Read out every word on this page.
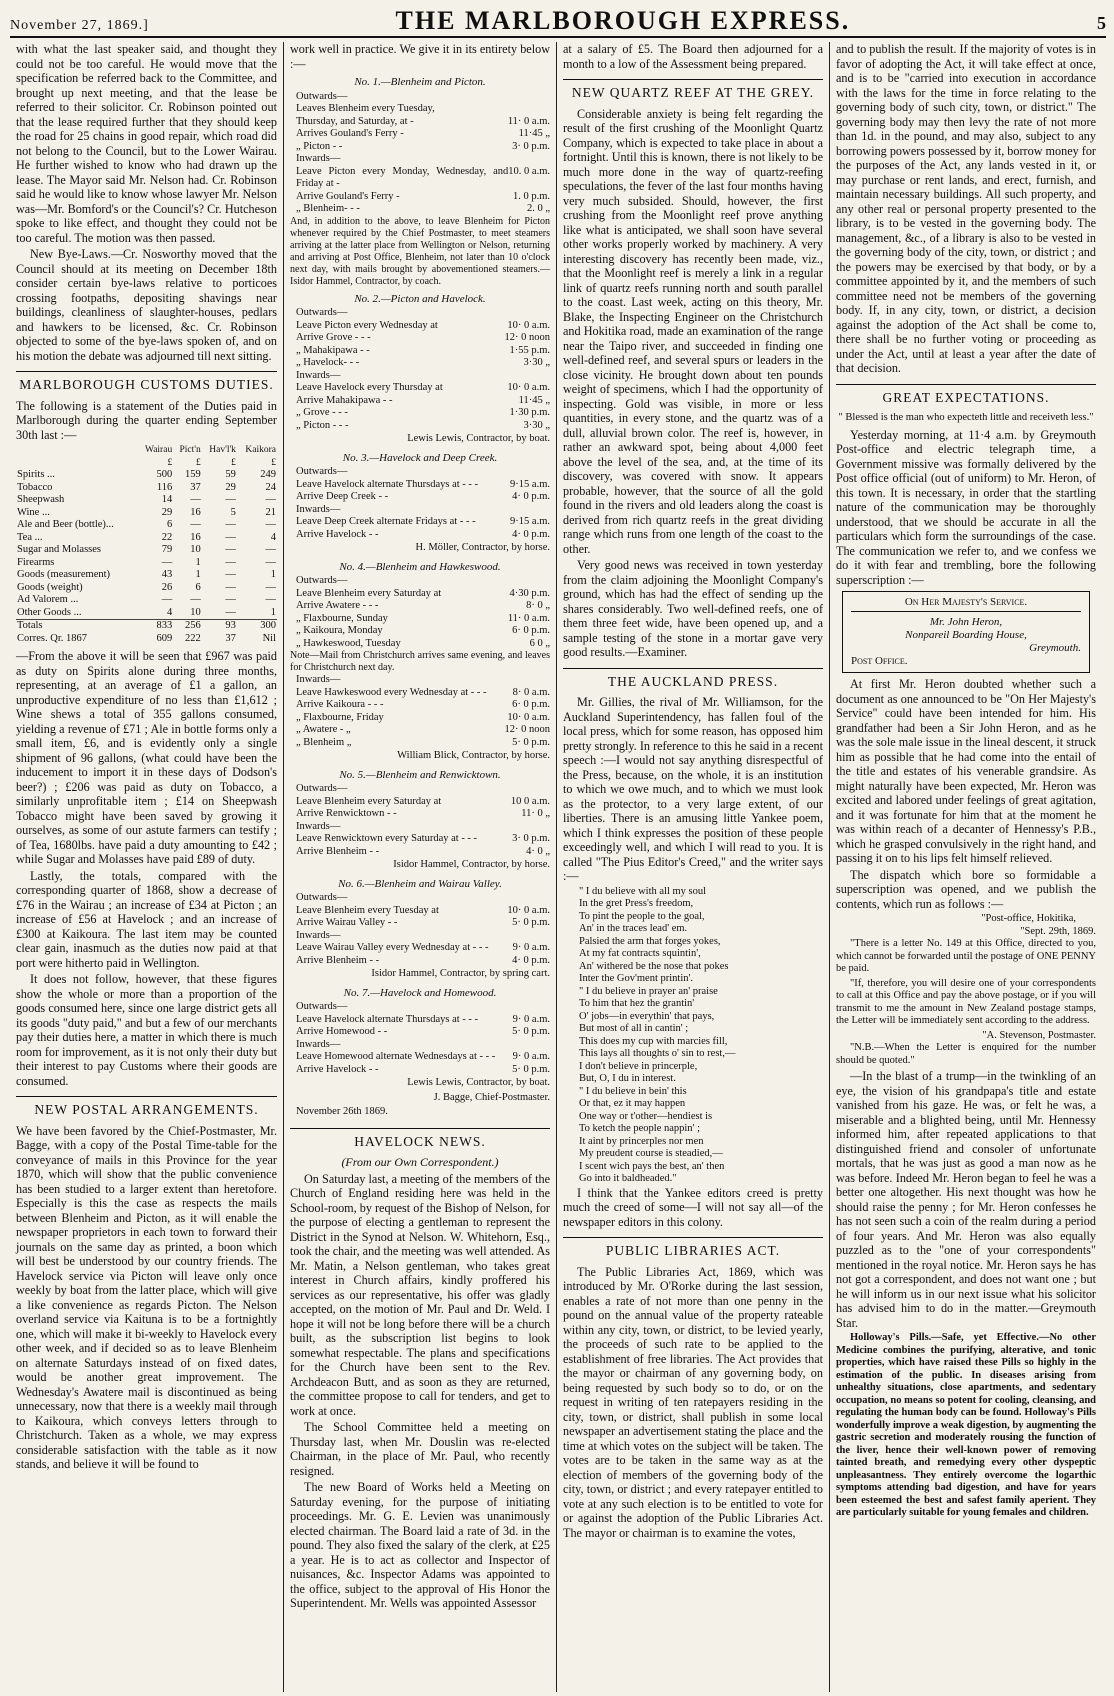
November 27, 1869.]	THE MARLBOROUGH EXPRESS.	5

with what the last speaker said, and thought they could not be too careful. He would move that the specification be referred back to the Committee, and brought up next meeting, and that the lease be referred to their solicitor. Cr. Robinson pointed out that the lease required further that they should keep the road for 25 chains in good repair, which road did not belong to the Council, but to the Lower Wairau. He further wished to know who had drawn up the lease. The Mayor said Mr. Nelson had. Cr. Robinson said he would like to know whose lawyer Mr. Nelson was—Mr. Bomford's or the Council's? Cr. Hutcheson spoke to like effect, and thought they could not be too careful. The motion was then passed.

New Bye-Laws.—Cr. Nosworthy moved that the Council should at its meeting on December 18th consider certain bye-laws relative to porticoes crossing footpaths, depositing shavings near buildings, cleanliness of slaughter-houses, pedlars and hawkers to be licensed, &c. Cr. Robinson objected to some of the bye-laws spoken of, and on his motion the debate was adjourned till next sitting.

MARLBOROUGH CUSTOMS DUTIES.

The following is a statement of the Duties paid in Marlborough during the quarter ending September 30th last :—

	Wairau	Pict'n	Hav'l'k	Kaikora
	£	£	£	£
Spirits ...	500	159	59	249
Tobacco	116	37	29	24
Sheepwash	14	—	—	—
Wine ...	29	16	5	21
Ale and Beer (bottle)...	6	—	—	—
Tea ...	22	16	—	4
Sugar and Molasses	79	10	—	—
Firearms	—	1	—	—
Goods (measurement)	43	1	—	1
Goods (weight)	26	6	—	—
Ad Valorem ...	—	—	—	—
Other Goods ...	4	10	—	1
Totals	833	256	93	300
Corres. Qr. 1867	609	222	37	Nil

—From the above it will be seen that £967 was paid as duty on Spirits alone during three months, representing, at an average of £1 a gallon, an unproductive expenditure of no less than £1,612 ; Wine shews a total of 355 gallons consumed, yielding a revenue of £71 ; Ale in bottle forms only a small item, £6, and is evidently only a single shipment of 96 gallons, (what could have been the inducement to import it in these days of Dodson's beer?) ; £206 was paid as duty on Tobacco, a similarly unprofitable item ; £14 on Sheepwash Tobacco might have been saved by growing it ourselves, as some of our astute farmers can testify ; of Tea, 1680lbs. have paid a duty amounting to £42 ; while Sugar and Molasses have paid £89 of duty.

Lastly, the totals, compared with the corresponding quarter of 1868, show a decrease of £76 in the Wairau ; an increase of £34 at Picton ; an increase of £56 at Havelock ; and an increase of £300 at Kaikoura. The last item may be counted clear gain, inasmuch as the duties now paid at that port were hitherto paid in Wellington.

It does not follow, however, that these figures show the whole or more than a proportion of the goods consumed here, since one large district gets all its goods "duty paid," and but a few of our merchants pay their duties here, a matter in which there is much room for improvement, as it is not only their duty but their interest to pay Customs where their goods are consumed.

NEW POSTAL ARRANGEMENTS.

We have been favored by the Chief-Postmaster, Mr. Bagge, with a copy of the Postal Time-table for the conveyance of mails in this Province for the year 1870, which will show that the public convenience has been studied to a larger extent than heretofore. Especially is this the case as respects the mails between Blenheim and Picton, as it will enable the newspaper proprietors in each town to forward their journals on the same day as printed, a boon which will best be understood by our country friends. The Havelock service via Picton will leave only once weekly by boat from the latter place, which will give a like convenience as regards Picton. The Nelson overland service via Kaituna is to be a fortnightly one, which will make it bi-weekly to Havelock every other week, and if decided so as to leave Blenheim on alternate Saturdays instead of on fixed dates, would be another great improvement. The Wednesday's Awatere mail is discontinued as being unnecessary, now that there is a weekly mail through to Kaikoura, which conveys letters through to Christchurch. Taken as a whole, we may express considerable satisfaction with the table as it now stands, and believe it will be found to

work well in practice. We give it in its entirety below :—

No. 1.—Blenheim and Picton.
Outwards—
Leaves Blenheim every Tuesday,
Thursday, and Saturday, at -	11· 0 a.m.
Arrives Gouland's Ferry -	11·45 „
„ Picton - -	3· 0 p.m.
Inwards—
Leave Picton every Monday, Wednesday, and Friday at -
10. 0 a.m.
Arrive Gouland's Ferry -	1. 0 p.m.
„ Blenheim- - -	2. 0 „
And, in addition to the above, to leave Blenheim for Picton whenever required by the Chief Postmaster, to meet steamers arriving at the latter place from Wellington or Nelson, returning and arriving at Post Office, Blenheim, not later than 10 o'clock next day, with mails brought by abovementioned steamers.—Isidor Hammel, Contractor, by coach.
No. 2.—Picton and Havelock.
Outwards—
Leave Picton every Wednesday at	10· 0 a.m.
Arrive Grove - - -	12· 0 noon
„ Mahakipawa - -	1·55 p.m.
„ Havelock- - -	3·30 „
Inwards—
Leave Havelock every Thursday at	10· 0 a.m.
Arrive Mahakipawa - -	11·45 „
„ Grove - - -	1·30 p.m.
„ Picton - - -	3·30 „
Lewis Lewis, Contractor, by boat.
No. 3.—Havelock and Deep Creek.
Outwards—
Leave Havelock alternate Thursdays at - - -	9·15 a.m.
Arrive Deep Creek - -	4· 0 p.m.
Inwards—
Leave Deep Creek alternate Fridays at - - -	9·15 a.m.
Arrive Havelock - -	4· 0 p.m.
H. Möller, Contractor, by horse.
No. 4.—Blenheim and Hawkeswood.
Outwards—
Leave Blenheim every Saturday at	4·30 p.m.
Arrive Awatere - - -	8· 0 „
„ Flaxbourne, Sunday	11· 0 a.m.
„ Kaikoura, Monday	6· 0 p.m.
„ Hawkeswood, Tuesday	6 0 „
Note—Mail from Christchurch arrives same evening, and leaves for Christchurch next day.
Inwards—
Leave Hawkeswood every Wednesday at - - - 8· 0 a.m.
Arrive Kaikoura - - -	6· 0 p.m.
„ Flaxbourne, Friday	10· 0 a.m.
„ Awatere - „	12· 0 noon
„ Blenheim „	5· 0 p.m.
William Blick, Contractor, by horse.
No. 5.—Blenheim and Renwicktown.
Outwards—
Leave Blenheim every Saturday at	10 0 a.m.
Arrive Renwicktown - -	11· 0 „
Inwards—
Leave Renwicktown every Saturday at - - -	3· 0 p.m.
Arrive Blenheim - -	4· 0 „
Isidor Hammel, Contractor, by horse.
No. 6.—Blenheim and Wairau Valley.
Outwards—
Leave Blenheim every Tuesday at	10· 0 a.m.
Arrive Wairau Valley - -	5· 0 p.m.
Inwards—
Leave Wairau Valley every Wednesday at - - - 9· 0 a.m.
Arrive Blenheim - -	4· 0 p.m.
Isidor Hammel, Contractor, by spring cart.
No. 7.—Havelock and Homewood.
Outwards—
Leave Havelock alternate Thursdays at - - -	9· 0 a.m.
Arrive Homewood - -	5· 0 p.m.
Inwards—
Leave Homewood alternate Wednesdays at - - - 9· 0 a.m.
Arrive Havelock - -	5· 0 p.m.
Lewis Lewis, Contractor, by boat.
J. Bagge, Chief-Postmaster.
November 26th 1869.
HAVELOCK NEWS.
(From our Own Correspondent.)

On Saturday last, a meeting of the members of the Church of England residing here was held in the School-room, by request of the Bishop of Nelson, for the purpose of electing a gentleman to represent the District in the Synod at Nelson. W. Whitehorn, Esq., took the chair, and the meeting was well attended. As Mr. Matin, a Nelson gentleman, who takes great interest in Church affairs, kindly proffered his services as our representative, his offer was gladly accepted, on the motion of Mr. Paul and Dr. Weld. I hope it will not be long before there will be a church built, as the subscription list begins to look somewhat respectable. The plans and specifications for the Church have been sent to the Rev. Archdeacon Butt, and as soon as they are returned, the committee propose to call for tenders, and get to work at once.

The School Committee held a meeting on Thursday last, when Mr. Douslin was re-elected Chairman, in the place of Mr. Paul, who recently resigned.

The new Board of Works held a Meeting on Saturday evening, for the purpose of initiating proceedings. Mr. G. E. Levien was unanimously elected chairman. The Board laid a rate of 3d. in the pound. They also fixed the salary of the clerk, at £25 a year. He is to act as collector and Inspector of nuisances, &c. Inspector Adams was appointed to the office, subject to the approval of His Honor the Superintendent. Mr. Wells was appointed Assessor

at a salary of £5. The Board then adjourned for a month to a low of the Assessment being prepared.

NEW QUARTZ REEF AT THE GREY.

Considerable anxiety is being felt regarding the result of the first crushing of the Moonlight Quartz Company, which is expected to take place in about a fortnight. Until this is known, there is not likely to be much more done in the way of quartz-reefing speculations, the fever of the last four months having very much subsided. Should, however, the first crushing from the Moonlight reef prove anything like what is anticipated, we shall soon have several other works properly worked by machinery. A very interesting discovery has recently been made, viz., that the Moonlight reef is merely a link in a regular link of quartz reefs running north and south parallel to the coast. Last week, acting on this theory, Mr. Blake, the Inspecting Engineer on the Christchurch and Hokitika road, made an examination of the range near the Taipo river, and succeeded in finding one well-defined reef, and several spurs or leaders in the close vicinity. He brought down about ten pounds weight of specimens, which I had the opportunity of inspecting. Gold was visible, in more or less quantities, in every stone, and the quartz was of a dull, alluvial brown color. The reef is, however, in rather an awkward spot, being about 4,000 feet above the level of the sea, and, at the time of its discovery, was covered with snow. It appears probable, however, that the source of all the gold found in the rivers and old leaders along the coast is derived from rich quartz reefs in the great dividing range which runs from one length of the coast to the other.

Very good news was received in town yesterday from the claim adjoining the Moonlight Company's ground, which has had the effect of sending up the shares considerably. Two well-defined reefs, one of them three feet wide, have been opened up, and a sample testing of the stone in a mortar gave very good results.—Examiner.

THE AUCKLAND PRESS.

Mr. Gillies, the rival of Mr. Williamson, for the Auckland Superintendency, has fallen foul of the local press, which for some reason, has opposed him pretty strongly. In reference to this he said in a recent speech :—I would not say anything disrespectful of the Press, because, on the whole, it is an institution to which we owe much, and to which we must look as the protector, to a very large extent, of our liberties. There is an amusing little Yankee poem, which I think expresses the position of these people exceedingly well, and which I will read to you. It is called "The Pius Editor's Creed," and the writer says :—

" I du believe with all my soul
In the gret Press's freedom,
To pint the people to the goal,
An' in the traces lead' em.
Palsied the arm that forges yokes,
At my fat contracts squintin',
An' withered be the nose that pokes
Inter the Gov'ment printin'.
" I du believe in prayer an' praise
To him that hez the grantin'
O' jobs—in everythin' that pays,
But most of all in cantin' ;
This does my cup with marcies fill,
This lays all thoughts o' sin to rest,—
I don't believe in princerple,
But, O, I du in interest.
" I du believe in bein' this
Or that, ez it may happen
One way or t'other—hendiest is
To ketch the people nappin' ;
It aint by princerples nor men
My preudent course is steadied,—
I scent wich pays the best, an' then
Go into it baldheaded."

I think that the Yankee editors creed is pretty much the creed of some—I will not say all—of the newspaper editors in this colony.

PUBLIC LIBRARIES ACT.

The Public Libraries Act, 1869, which was introduced by Mr. O'Rorke during the last session, enables a rate of not more than one penny in the pound on the annual value of the property rateable within any city, town, or district, to be levied yearly, the proceeds of such rate to be applied to the establishment of free libraries. The Act provides that the mayor or chairman of any governing body, on being requested by such body so to do, or on the request in writing of ten ratepayers residing in the city, town, or district, shall publish in some local newspaper an advertisement stating the place and the time at which votes on the subject will be taken. The votes are to be taken in the same way as at the election of members of the governing body of the city, town, or district ; and every ratepayer entitled to vote at any such election is to be entitled to vote for or against the adoption of the Public Libraries Act. The mayor or chairman is to examine the votes,

and to publish the result. If the majority of votes is in favor of adopting the Act, it will take effect at once, and is to be "carried into execution in accordance with the laws for the time in force relating to the governing body of such city, town, or district." The governing body may then levy the rate of not more than 1d. in the pound, and may also, subject to any borrowing powers possessed by it, borrow money for the purposes of the Act, any lands vested in it, or may purchase or rent lands, and erect, furnish, and maintain necessary buildings. All such property, and any other real or personal property presented to the library, is to be vested in the governing body. The management, &c., of a library is also to be vested in the governing body of the city, town, or district ; and the powers may be exercised by that body, or by a committee appointed by it, and the members of such committee need not be members of the governing body. If, in any city, town, or district, a decision against the adoption of the Act shall be come to, there shall be no further voting or proceeding as under the Act, until at least a year after the date of that decision.

GREAT EXPECTATIONS.
" Blessed is the man who expecteth little and receiveth less."

Yesterday morning, at 11·4 a.m. by Greymouth Post-office and electric telegraph time, a Government missive was formally delivered by the Post office official (out of uniform) to Mr. Heron, of this town. It is necessary, in order that the startling nature of the communication may be thoroughly understood, that we should be accurate in all the particulars which form the surroundings of the case. The communication we refer to, and we confess we do it with fear and trembling, bore the following superscription :—

On Her Majesty's Service.
Mr. John Heron,
Nonpareil Boarding House,
Greymouth.
Post Office.

At first Mr. Heron doubted whether such a document as one announced to be "On Her Majesty's Service" could have been intended for him. His grandfather had been a Sir John Heron, and as he was the sole male issue in the lineal descent, it struck him as possible that he had come into the entail of the title and estates of his venerable grandsire. As might naturally have been expected, Mr. Heron was excited and labored under feelings of great agitation, and it was fortunate for him that at the moment he was within reach of a decanter of Hennessy's P.B., which he grasped convulsively in the right hand, and passing it on to his lips felt himself relieved.

The dispatch which bore so formidable a superscription was opened, and we publish the contents, which run as follows :—

"Post-office, Hokitika,
"Sept. 29th, 1869.

"There is a letter No. 149 at this Office, directed to you, which cannot be forwarded until the postage of ONE PENNY be paid.

"If, therefore, you will desire one of your correspondents to call at this Office and pay the above postage, or if you will transmit to me the amount in New Zealand postage stamps, the Letter will be immediately sent according to the address.

"A. Stevenson, Postmaster.

"N.B.—When the Letter is enquired for the number should be quoted."

—In the blast of a trump—in the twinkling of an eye, the vision of his grandpapa's title and estate vanished from his gaze. He was, or felt he was, a miserable and a blighted being, until Mr. Hennessy informed him, after repeated applications to that distinguished friend and consoler of unfortunate mortals, that he was just as good a man now as he was before. Indeed Mr. Heron began to feel he was a better one altogether. His next thought was how he should raise the penny ; for Mr. Heron confesses he has not seen such a coin of the realm during a period of four years. And Mr. Heron was also equally puzzled as to the "one of your correspondents" mentioned in the royal notice. Mr. Heron says he has not got a correspondent, and does not want one ; but he will inform us in our next issue what his solicitor has advised him to do in the matter.—Greymouth Star.

Holloway's Pills.—Safe, yet Effective.—No other Medicine combines the purifying, alterative, and tonic properties, which have raised these Pills so highly in the estimation of the public. In diseases arising from unhealthy situations, close apartments, and sedentary occupation, no means so potent for cooling, cleansing, and regulating the human body can be found. Holloway's Pills wonderfully improve a weak digestion, by augmenting the gastric secretion and moderately rousing the function of the liver, hence their well-known power of removing tainted breath, and remedying every other dyspeptic unpleasantness. They entirely overcome the logarthic symptoms attending bad digestion, and have for years been esteemed the best and safest family aperient. They are particularly suitable for young females and children.
